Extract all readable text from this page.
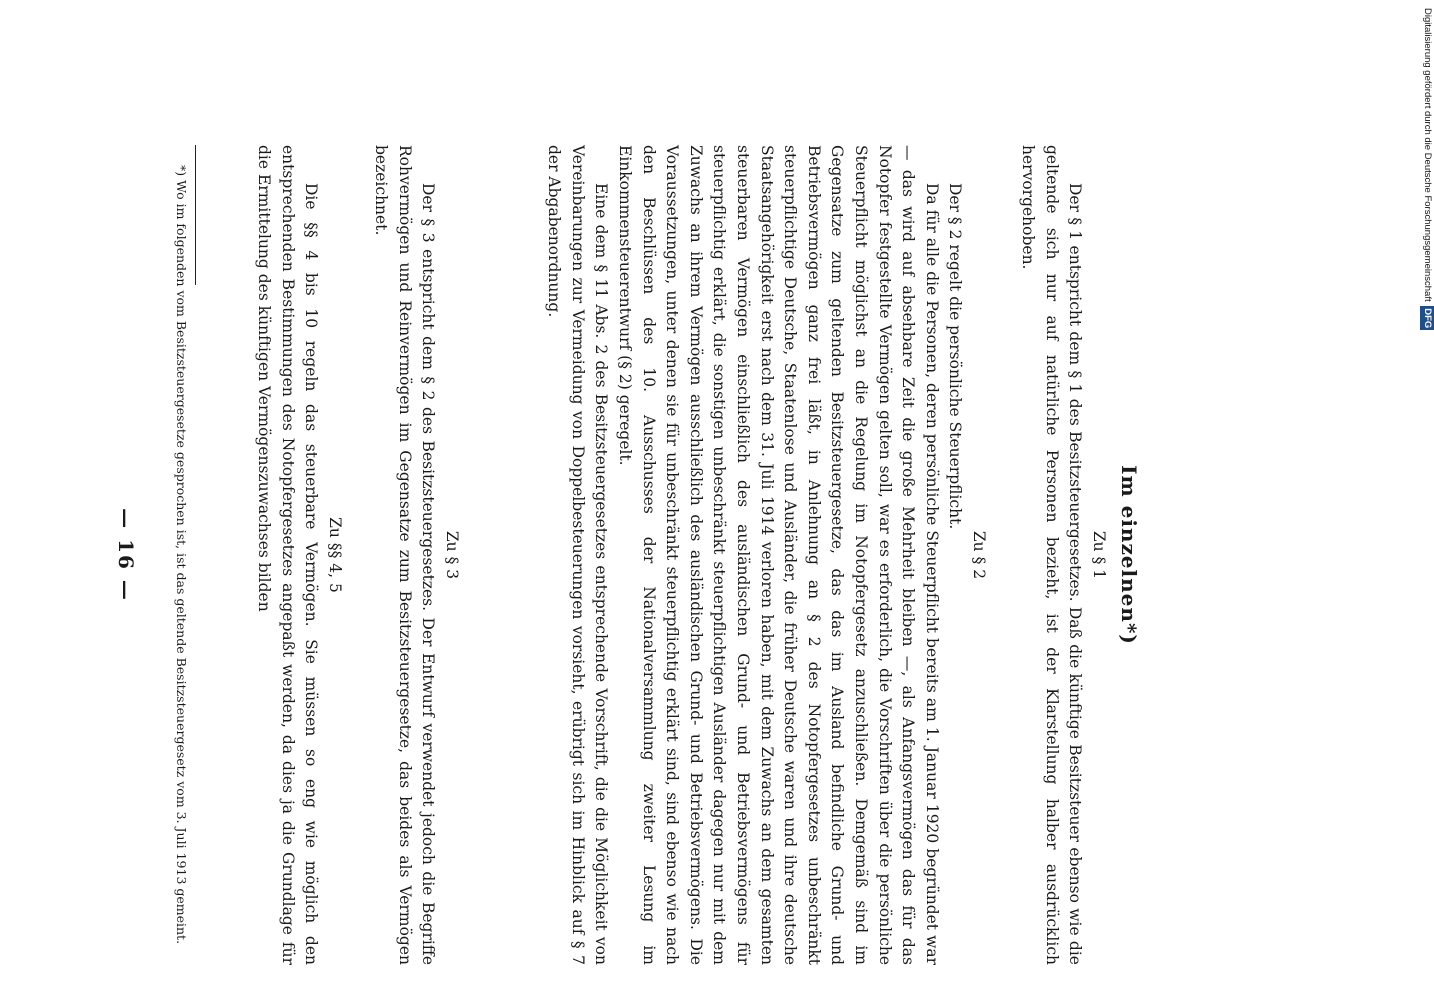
— 16 —	Im einzelnen*)

Zu § 1

Der § 1 entspricht dem § 1 des Besitzsteuergesetzes. Daß die künftige Besitzsteuer ebenso wie die geltende sich nur auf natürliche Personen bezieht, ist der Klarstellung halber ausdrücklich hervorgehoben.

Zu § 2

Der § 2 regelt die persönliche Steuerpflicht.

Da für alle die Personen, deren persönliche Steuerpflicht bereits am 1. Januar 1920 begründet war — das wird auf absehbare Zeit die große Mehrheit bleiben —, als Anfangsvermögen das für das Notopfer festgestellte Vermögen gelten soll, war es erforderlich, die Vorschriften über die persönliche Steuerpflicht möglichst an die Regelung im Notopfergesetz anzuschließen. Demgemäß sind im Gegensatze zum geltenden Besitzsteuergesetze, das das im Ausland befindliche Grund- und Betriebsvermögen ganz frei läßt, in Anlehnung an § 2 des Notopfergesetzes unbeschränkt steuerpflichtige Deutsche, Staatenlose und Ausländer, die früher Deutsche waren und ihre deutsche Staatsangehörigkeit erst nach dem 31. Juli 1914 verloren haben, mit dem Zuwachs an dem gesamten steuerbaren Vermögen einschließlich des ausländischen Grund- und Betriebsvermögens für steuerpflichtig erklärt, die sonstigen unbeschränkt steuerpflichtigen Ausländer dagegen nur mit dem Zuwachs an ihrem Vermögen ausschließlich des ausländischen Grund- und Betriebsvermögens. Die Voraussetzungen, unter denen sie für unbeschränkt steuerpflichtig erklärt sind, sind ebenso wie nach den Beschlüssen des 10. Ausschusses der Nationalversammlung zweiter Lesung im Einkommensteuerentwurf (§ 2) geregelt.

Eine dem § 11 Abs. 2 des Besitzsteuergesetzes entsprechende Vorschrift, die die Möglichkeit von Vereinbarungen zur Vermeidung von Doppelbesteuerungen vorsieht, erübrigt sich im Hinblick auf § 7 der Abgabenordnung.

Zu § 3

Der § 3 entspricht dem § 2 des Besitzsteuergesetzes. Der Entwurf verwendet jedoch die Begriffe Rohvermögen und Reinvermögen im Gegensatze zum Besitzsteuergesetze, das beides als Vermögen bezeichnet.

Zu §§ 4, 5

Die §§ 4 bis 10 regeln das steuerbare Vermögen. Sie müssen so eng wie möglich den entsprechenden Bestimmungen des Notopfergesetzes angepaßt werden, da dies ja die Grundlage für die Ermittelung des künftigen Vermögenszuwachses bilden

*) Wo im folgenden vom Besitzsteuergesetze gesprochen ist, ist das geltende Besitzsteuergesetz vom 3. Juli 1913 gemeint.

Digitalisierung gefördert durch die Deutsche Forschungsgemeinschaft DFG
